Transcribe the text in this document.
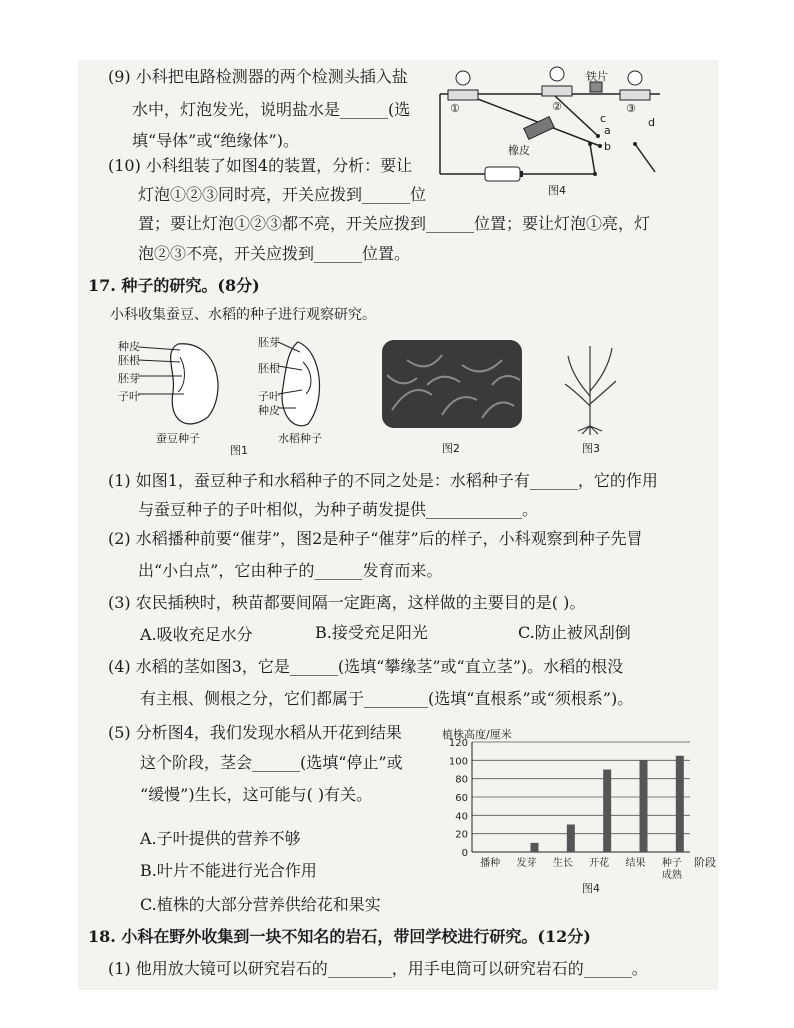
(9) 小科把电路检测器的两个检测头插入盐
水中，灯泡发光，说明盐水是______(选
填“导体”或“绝缘体”)。
(10) 小科组装了如图4的装置，分析：要让
灯泡①②③同时亮，开关应拨到______位
置；要让灯泡①②③都不亮，开关应拨到______位置；要让灯泡①亮，灯
泡②③不亮，开关应拨到______位置。
①	②	③
铁片
橡皮
a
b
c	d
图4
17. 种子的研究。(8分)
小科收集蚕豆、水稻的种子进行观察研究。
种皮
胚根
胚芽
子叶
胚芽
胚根
子叶
种皮
蚕豆种子	水稻种子
图1	图2	图3
(1) 如图1，蚕豆种子和水稻种子的不同之处是：水稻种子有______，它的作用
与蚕豆种子的子叶相似，为种子萌发提供____________。
(2) 水稻播种前要“催芽”，图2是种子“催芽”后的样子，小科观察到种子先冒
出“小白点”，它由种子的______发育而来。
(3) 农民插秧时，秧苗都要间隔一定距离，这样做的主要目的是( )。
A.吸收充足水分	B.接受充足阳光	C.防止被风刮倒
(4) 水稻的茎如图3，它是______(选填“攀缘茎”或“直立茎”)。水稻的根没
有主根、侧根之分，它们都属于________(选填“直根系”或“须根系”)。
(5) 分析图4，我们发现水稻从开花到结果
这个阶段，茎会______(选填“停止”或
“缓慢”)生长，这可能与( )有关。
A.子叶提供的营养不够
B.叶片不能进行光合作用
C.植株的大部分营养供给花和果实
植株高度/厘米
0
20
40
60
80
100
120
播种 发芽 生长 开花 结果 种子
成熟
阶段
图4
18. 小科在野外收集到一块不知名的岩石，带回学校进行研究。(12分)
(1) 他用放大镜可以研究岩石的________，用手电筒可以研究岩石的______。
